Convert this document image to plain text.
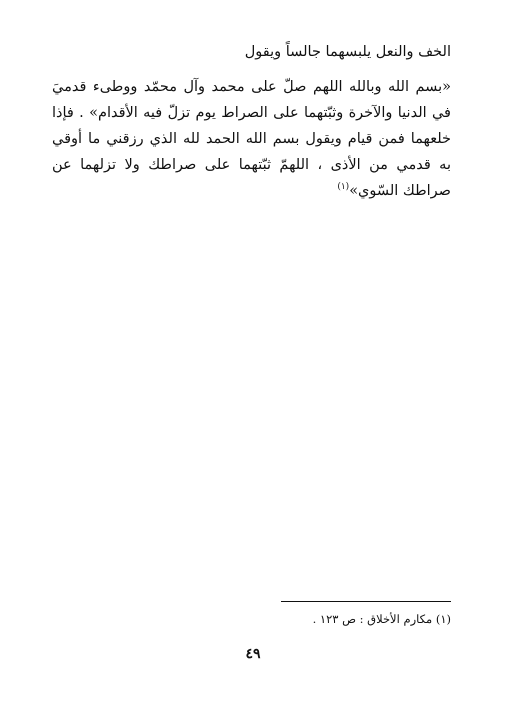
الخف والنعل يلبسهما جالساً ويقول
«بسم الله وبالله اللهم صلّ على محمد وآل محمّد ووطىء قدميَ في الدنيا والآخرة وثبّتهما على الصراط يوم تزلّ فيه الأقدام» . فإذا خلعهما فمن قيام ويقول بسم الله الحمد لله الذي رزقني ما أوقي به قدمي من الأذى ، اللهمّ ثبّتهما على صراطك ولا تزلهما عن صراطك السّوي»$^{(١)}$
(١) مكارم الأخلاق : ص ١٢٣ .
٤٩
